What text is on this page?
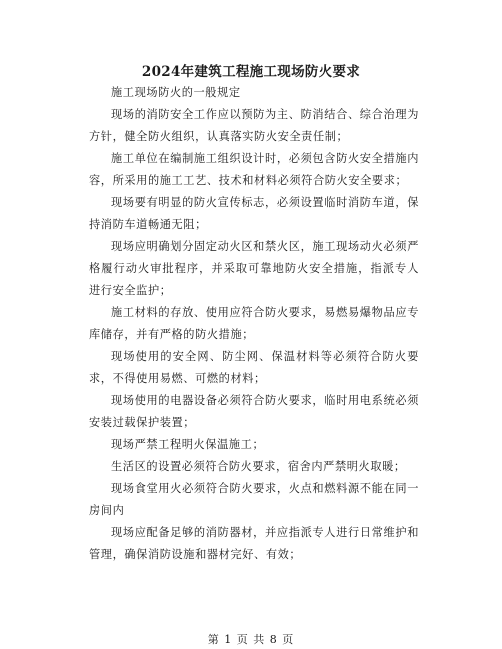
2024年建筑工程施工现场防火要求

施工现场防火的一般规定

现场的消防安全工作应以预防为主、防消结合、综合治理为方针，健全防火组织，认真落实防火安全责任制；

施工单位在编制施工组织设计时，必须包含防火安全措施内容，所采用的施工工艺、技术和材料必须符合防火安全要求；

现场要有明显的防火宣传标志，必须设置临时消防车道，保持消防车道畅通无阻；

现场应明确划分固定动火区和禁火区，施工现场动火必须严格履行动火审批程序，并采取可靠地防火安全措施，指派专人进行安全监护；

施工材料的存放、使用应符合防火要求，易燃易爆物品应专库储存，并有严格的防火措施；

现场使用的安全网、防尘网、保温材料等必须符合防火要求，不得使用易燃、可燃的材料；

现场使用的电器设备必须符合防火要求，临时用电系统必须安装过载保护装置；

现场严禁工程明火保温施工；

生活区的设置必须符合防火要求，宿舍内严禁明火取暖；

现场食堂用火必须符合防火要求，火点和燃料源不能在同一房间内

现场应配备足够的消防器材，并应指派专人进行日常维护和管理，确保消防设施和器材完好、有效；

第 1 页 共 8 页
